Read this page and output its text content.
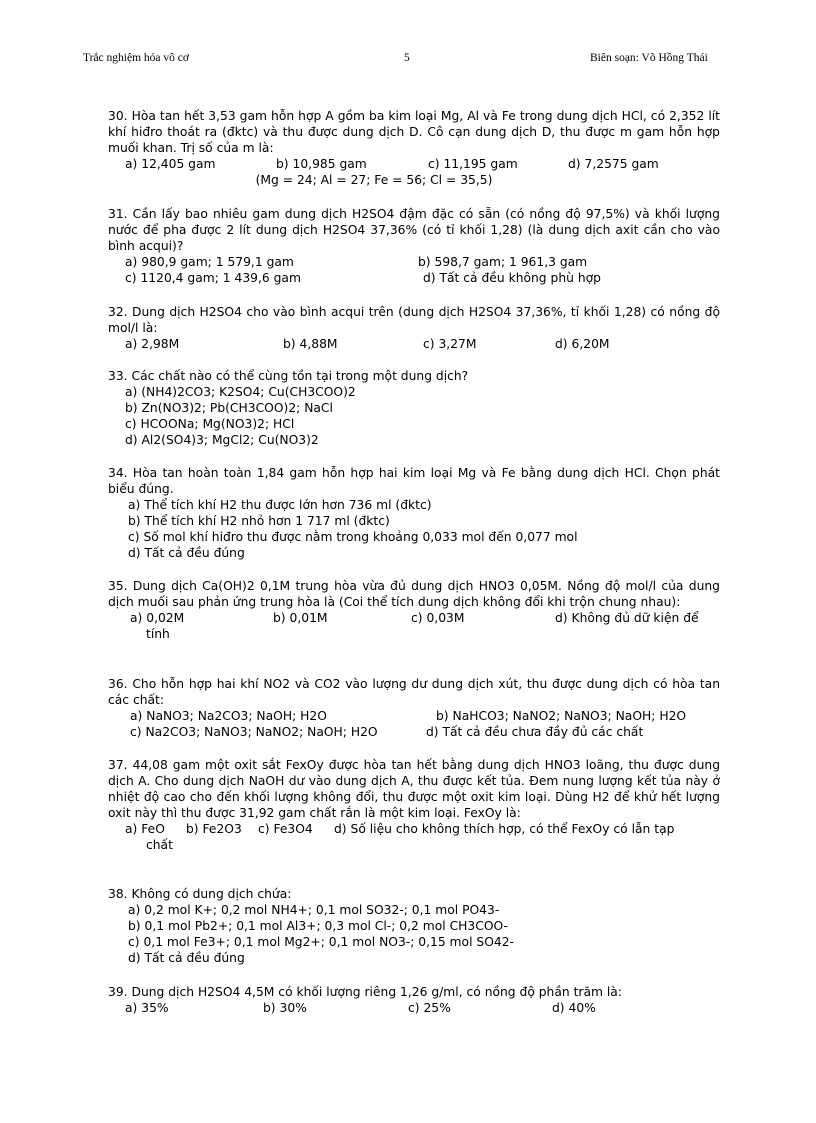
Trắc nghiệm hóa vô cơ	5	Biên soạn: Võ Hồng Thái
30. Hòa tan hết 3,53 gam hỗn hợp A gồm ba kim loại Mg, Al và Fe trong dung dịch HCl, có 2,352 lít khí hiđro thoát ra (đktc) và thu được dung dịch D. Cô cạn dung dịch D, thu được m gam hỗn hợp muối khan. Trị số của m là:
a) 12,405 gam	b) 10,985 gam	c) 11,195 gam	d) 7,2575 gam
(Mg = 24; Al = 27; Fe = 56; Cl = 35,5)
31. Cần lấy bao nhiêu gam dung dịch H2SO4 đậm đặc có sẵn (có nồng độ 97,5%) và khối lượng nước để pha được 2 lít dung dịch H2SO4 37,36% (có tỉ khối 1,28) (là dung dịch axit cần cho vào bình acqui)?
a) 980,9 gam; 1 579,1 gam	b) 598,7 gam; 1 961,3 gam
c) 1120,4 gam; 1 439,6 gam	d) Tất cả đều không phù hợp
32. Dung dịch H2SO4 cho vào bình acqui trên (dung dịch H2SO4 37,36%, tỉ khối 1,28) có nồng độ mol/l là:
a) 2,98M	b) 4,88M	c) 3,27M	d) 6,20M
33. Các chất nào có thể cùng tồn tại trong một dung dịch?
a) (NH4)2CO3; K2SO4; Cu(CH3COO)2
b) Zn(NO3)2; Pb(CH3COO)2; NaCl
c) HCOONa; Mg(NO3)2; HCl
d) Al2(SO4)3; MgCl2; Cu(NO3)2
34. Hòa tan hoàn toàn 1,84 gam hỗn hợp hai kim loại Mg và Fe bằng dung dịch HCl. Chọn phát biểu đúng.
a) Thể tích khí H2 thu được lớn hơn 736 ml (đktc)
b) Thể tích khí H2 nhỏ hơn 1 717 ml (đktc)
c) Số mol khí hiđro thu được nằm trong khoảng 0,033 mol đến 0,077 mol
d) Tất cả đều đúng
35. Dung dịch Ca(OH)2 0,1M trung hòa vừa đủ dung dịch HNO3 0,05M. Nồng độ mol/l của dung dịch muối sau phản ứng trung hòa là (Coi thể tích dung dịch không đổi khi trộn chung nhau):
a) 0,02M	b) 0,01M	c) 0,03M	d) Không đủ dữ kiện để
tính
36. Cho hỗn hợp hai khí NO2 và CO2 vào lượng dư dung dịch xút, thu được dung dịch có hòa tan các chất:
a) NaNO3; Na2CO3; NaOH; H2O	b) NaHCO3; NaNO2; NaNO3; NaOH; H2O
c) Na2CO3; NaNO3; NaNO2; NaOH; H2O	d) Tất cả đều chưa đầy đủ các chất
37. 44,08 gam một oxit sắt FexOy được hòa tan hết bằng dung dịch HNO3 loãng, thu được dung dịch A. Cho dung dịch NaOH dư vào dung dịch A, thu được kết tủa. Đem nung lượng kết tủa này ở nhiệt độ cao cho đến khối lượng không đổi, thu được một oxit kim loại. Dùng H2 để khử hết lượng oxit này thì thu được 31,92 gam chất rắn là một kim loại. FexOy là:
a) FeO b) Fe2O3 c) Fe3O4 d) Số liệu cho không thích hợp, có thể FexOy có lẫn tạp
chất
38. Không có dung dịch chứa:
a) 0,2 mol K+; 0,2 mol NH4+; 0,1 mol SO32-; 0,1 mol PO43-
b) 0,1 mol Pb2+; 0,1 mol Al3+; 0,3 mol Cl-; 0,2 mol CH3COO-
c) 0,1 mol Fe3+; 0,1 mol Mg2+; 0,1 mol NO3-; 0,15 mol SO42-
d) Tất cả đều đúng
39. Dung dịch H2SO4 4,5M có khối lượng riêng 1,26 g/ml, có nồng độ phần trăm là:
a) 35%	b) 30%	c) 25%	d) 40%
